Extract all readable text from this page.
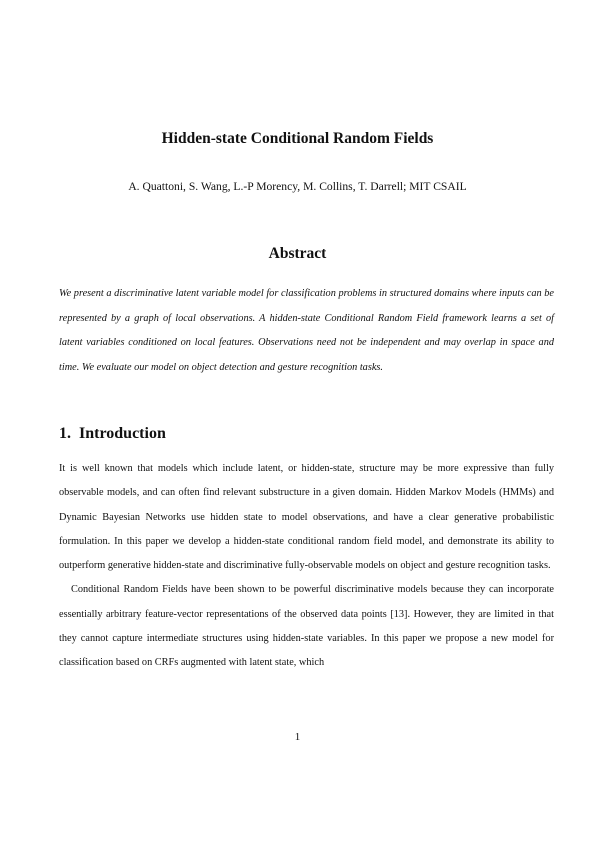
Hidden-state Conditional Random Fields
A. Quattoni, S. Wang, L.-P Morency, M. Collins, T. Darrell; MIT CSAIL
Abstract
We present a discriminative latent variable model for classification problems in structured domains where inputs can be represented by a graph of local observations. A hidden-state Conditional Random Field framework learns a set of latent variables conditioned on local features. Observations need not be independent and may overlap in space and time. We evaluate our model on object detection and gesture recognition tasks.
1. Introduction

It is well known that models which include latent, or hidden-state, structure may be more expressive than fully observable models, and can often find relevant substructure in a given domain. Hidden Markov Models (HMMs) and Dynamic Bayesian Networks use hidden state to model observations, and have a clear generative probabilistic formulation. In this paper we develop a hidden-state conditional random field model, and demonstrate its ability to outperform generative hidden-state and discriminative fully-observable models on object and gesture recognition tasks.

Conditional Random Fields have been shown to be powerful discriminative models because they can incorporate essentially arbitrary feature-vector representations of the observed data points [13]. However, they are limited in that they cannot capture intermediate structures using hidden-state variables. In this paper we propose a new model for classification based on CRFs augmented with latent state, which

1
